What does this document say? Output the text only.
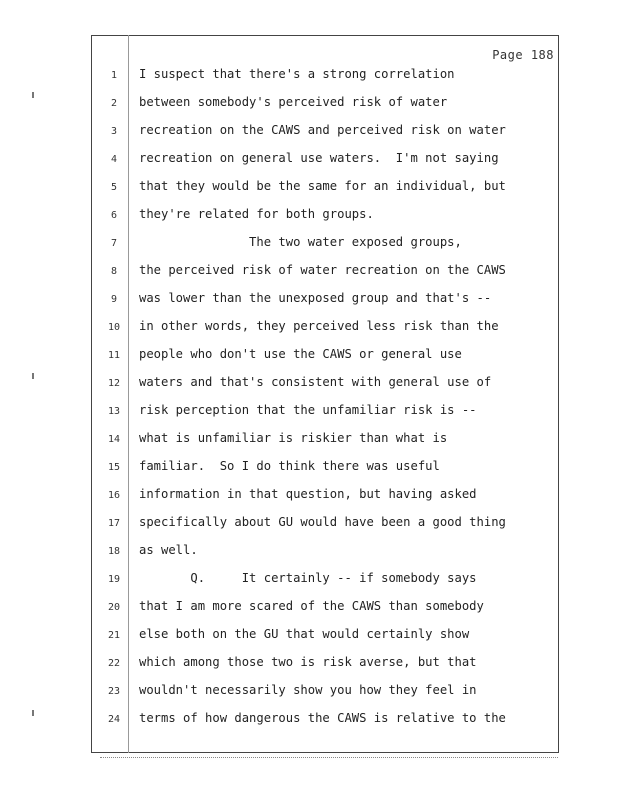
Page 188
1 I suspect that there's a strong correlation
2 between somebody's perceived risk of water
3 recreation on the CAWS and perceived risk on water
4 recreation on general use waters.  I'm not saying
5 that they would be the same for an individual, but
6 they're related for both groups.
7 The two water exposed groups,
8 the perceived risk of water recreation on the CAWS
9 was lower than the unexposed group and that's --
10 in other words, they perceived less risk than the
11 people who don't use the CAWS or general use
12 waters and that's consistent with general use of
13 risk perception that the unfamiliar risk is --
14 what is unfamiliar is riskier than what is
15 familiar.  So I do think there was useful
16 information in that question, but having asked
17 specifically about GU would have been a good thing
18 as well.
19 Q.     It certainly -- if somebody says
20 that I am more scared of the CAWS than somebody
21 else both on the GU that would certainly show
22 which among those two is risk averse, but that
23 wouldn't necessarily show you how they feel in
24 terms of how dangerous the CAWS is relative to the
